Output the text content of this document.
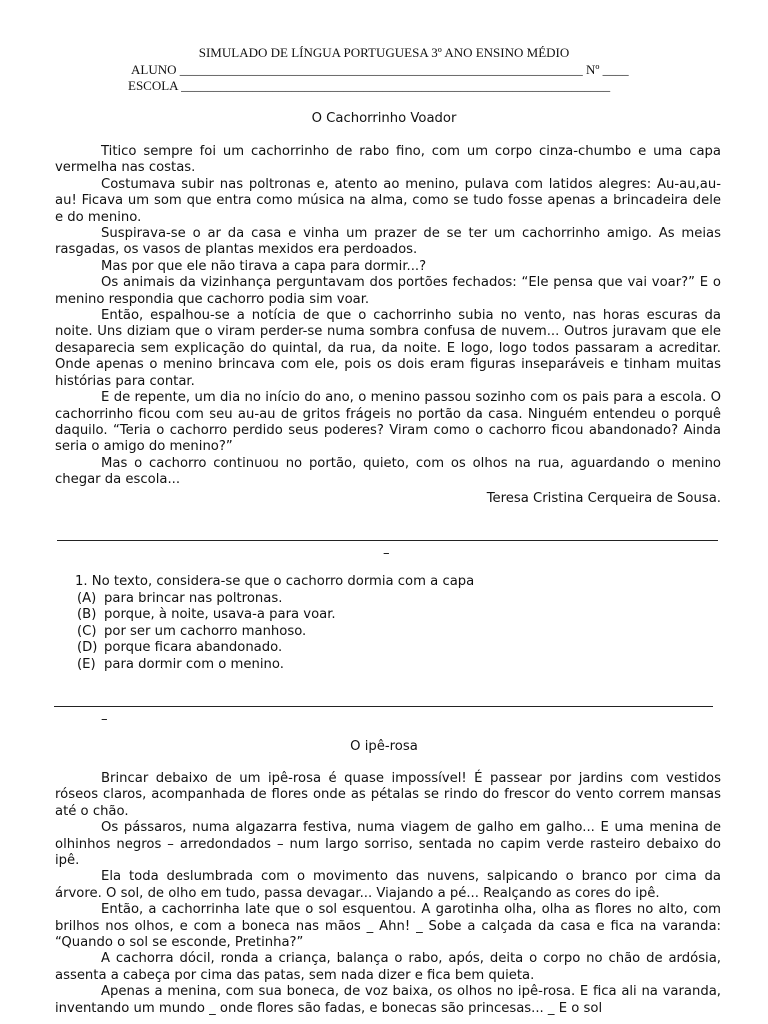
SIMULADO DE LÍNGUA PORTUGUESA 3º ANO ENSINO MÉDIO
ALUNO ______________________________________________________________ Nº ____
ESCOLA __________________________________________________________________
O Cachorrinho Voador

Titico sempre foi um cachorrinho de rabo fino, com um corpo cinza-chumbo e uma capa vermelha nas costas.

Costumava subir nas poltronas e, atento ao menino, pulava com latidos alegres: Au-au,au-au! Ficava um som que entra como música na alma, como se tudo fosse apenas a brincadeira dele e do menino.

Suspirava-se o ar da casa e vinha um prazer de se ter um cachorrinho amigo. As meias rasgadas, os vasos de plantas mexidos era perdoados.

Mas por que ele não tirava a capa para dormir...?

Os animais da vizinhança perguntavam dos portões fechados: “Ele pensa que vai voar?” E o menino respondia que cachorro podia sim voar.

Então, espalhou-se a notícia de que o cachorrinho subia no vento, nas horas escuras da noite. Uns diziam que o viram perder-se numa sombra confusa de nuvem... Outros juravam que ele desaparecia sem explicação do quintal, da rua, da noite. E logo, logo todos passaram a acreditar. Onde apenas o menino brincava com ele, pois os dois eram figuras inseparáveis e tinham muitas histórias para contar.

E de repente, um dia no início do ano, o menino passou sozinho com os pais para a escola. O cachorrinho ficou com seu au-au de gritos frágeis no portão da casa. Ninguém entendeu o porquê daquilo. “Teria o cachorro perdido seus poderes? Viram como o cachorro ficou abandonado? Ainda seria o amigo do menino?”

Mas o cachorro continuou no portão, quieto, com os olhos na rua, aguardando o menino chegar da escola...

Teresa Cristina Cerqueira de Sousa.
–
1. No texto, considera-se que o cachorro dormia com a capa
(A) para brincar nas poltronas.
(B) porque, à noite, usava-a para voar.
(C) por ser um cachorro manhoso.
(D) porque ficara abandonado.
(E) para dormir com o menino.
–
O ipê-rosa

Brincar debaixo de um ipê-rosa é quase impossível! É passear por jardins com vestidos róseos claros, acompanhada de flores onde as pétalas se rindo do frescor do vento correm mansas até o chão.

Os pássaros, numa algazarra festiva, numa viagem de galho em galho... E uma menina de olhinhos negros – arredondados – num largo sorriso, sentada no capim verde rasteiro debaixo do ipê.

Ela toda deslumbrada com o movimento das nuvens, salpicando o branco por cima da árvore. O sol, de olho em tudo, passa devagar... Viajando a pé... Realçando as cores do ipê.

Então, a cachorrinha late que o sol esquentou. A garotinha olha, olha as flores no alto, com brilhos nos olhos, e com a boneca nas mãos _ Ahn! _ Sobe a calçada da casa e fica na varanda: “Quando o sol se esconde, Pretinha?”

A cachorra dócil, ronda a criança, balança o rabo, após, deita o corpo no chão de ardósia, assenta a cabeça por cima das patas, sem nada dizer e fica bem quieta.

Apenas a menina, com sua boneca, de voz baixa, os olhos no ipê-rosa. E fica ali na varanda, inventando um mundo _ onde flores são fadas, e bonecas são princesas... _ E o sol
